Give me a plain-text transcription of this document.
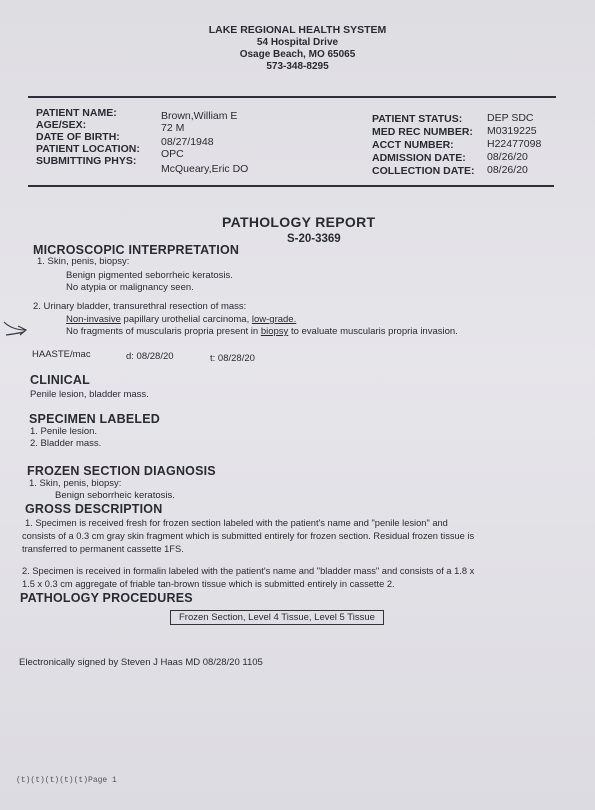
LAKE REGIONAL HEALTH SYSTEM
54 Hospital Drive
Osage Beach, MO 65065
573-348-8295
PATIENT NAME:
AGE/SEX:
DATE OF BIRTH:
PATIENT LOCATION:
SUBMITTING PHYS:
Brown,William E
72 M
08/27/1948
OPC
McQueary,Eric DO
PATIENT STATUS:
MED REC NUMBER:
ACCT NUMBER:
ADMISSION DATE:
COLLECTION DATE:
DEP SDC
M0319225
H22477098
08/26/20
08/26/20
PATHOLOGY REPORT
S-20-3369
MICROSCOPIC INTERPRETATION
1. Skin, penis, biopsy:
Benign pigmented seborrheic keratosis.
No atypia or malignancy seen.
2. Urinary bladder, transurethral resection of mass:
Non-invasive papillary urothelial carcinoma, low-grade.
No fragments of muscularis propria present in biopsy to evaluate muscularis propria invasion.
HAASTE/mac	d: 08/28/20	t: 08/28/20
CLINICAL
Penile lesion, bladder mass.
SPECIMEN LABELED
1. Penile lesion.
2. Bladder mass.
FROZEN SECTION DIAGNOSIS
1. Skin, penis, biopsy:
Benign seborrheic keratosis.
GROSS DESCRIPTION
1. Specimen is received fresh for frozen section labeled with the patient's name and "penile lesion" and
consists of a 0.3 cm gray skin fragment which is submitted entirely for frozen section. Residual frozen tissue is
transferred to permanent cassette 1FS.
2. Specimen is received in formalin labeled with the patient's name and "bladder mass" and consists of a 1.8 x
1.5 x 0.3 cm aggregate of friable tan-brown tissue which is submitted entirely in cassette 2.
PATHOLOGY PROCEDURES
Frozen Section, Level 4 Tissue, Level 5 Tissue
Electronically signed by Steven J Haas MD 08/28/20 1105
(t)(t)(t)(t)(t)Page 1
